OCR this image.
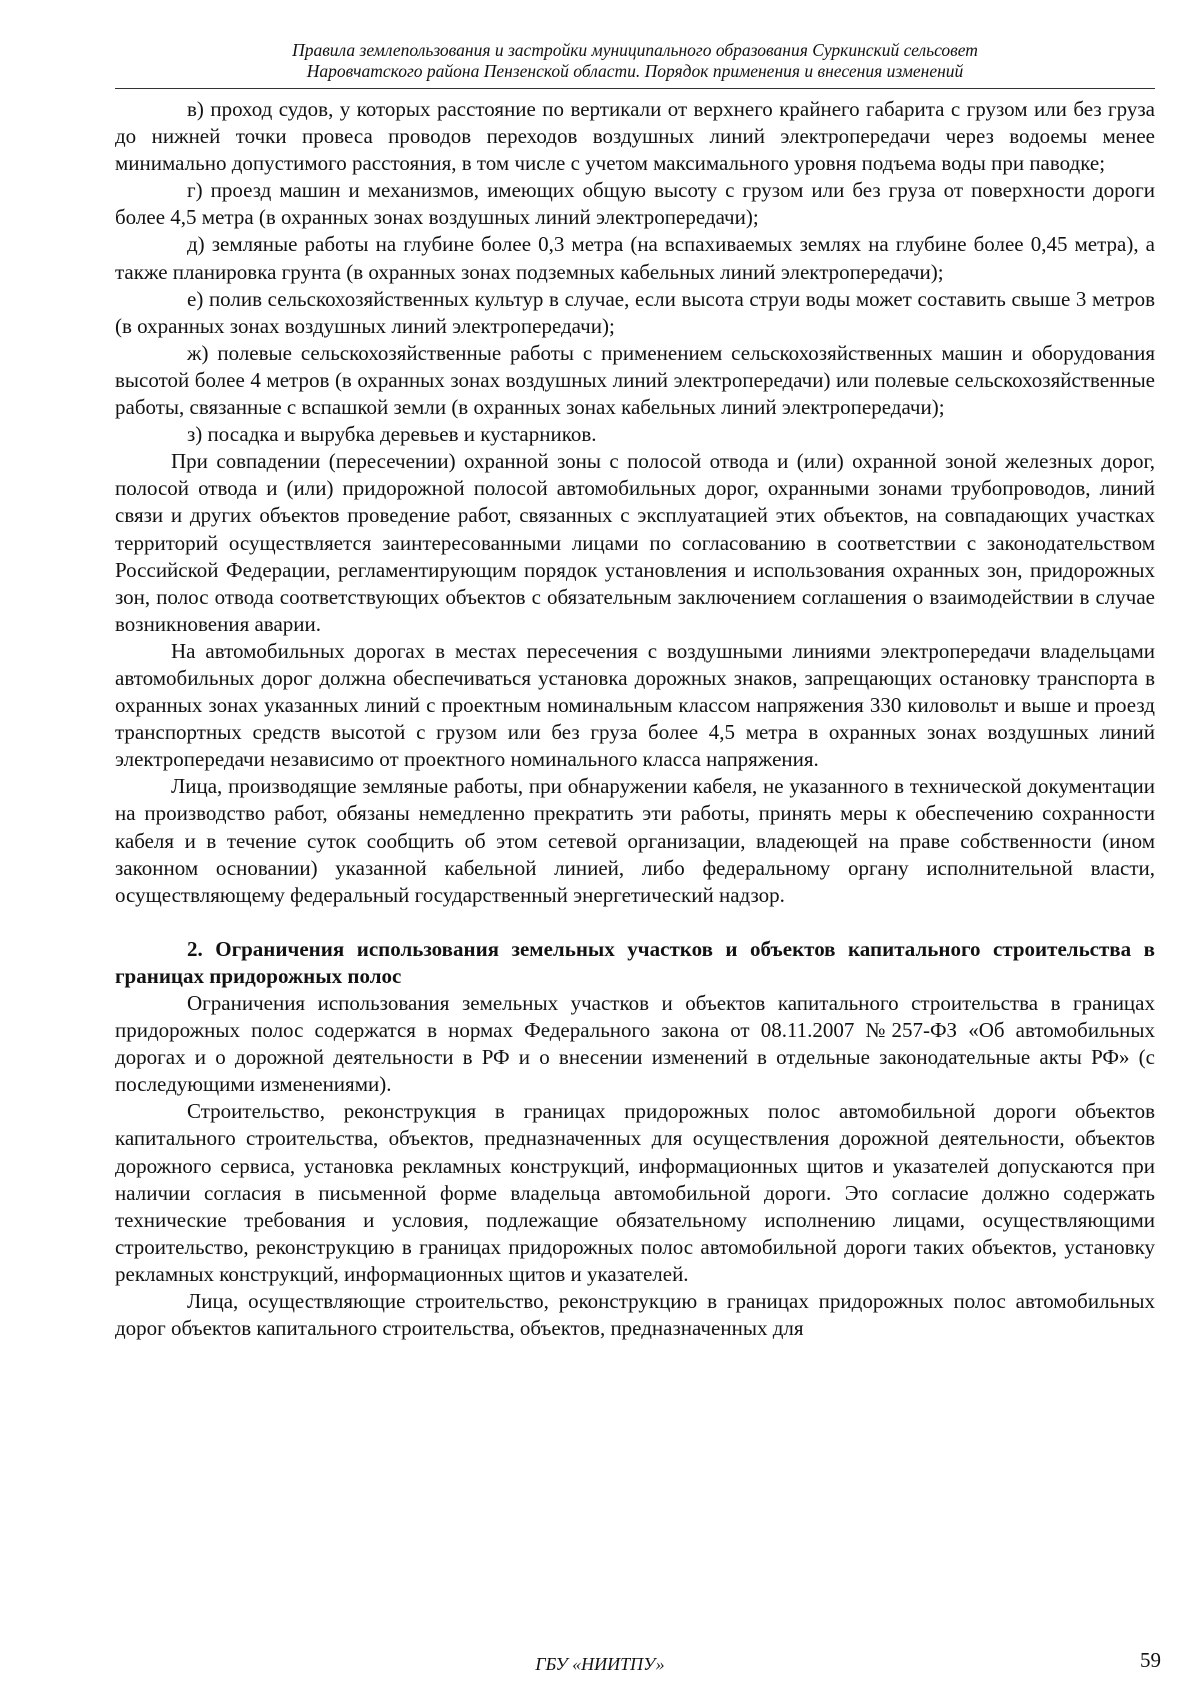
Правила землепользования и застройки муниципального образования Суркинский сельсовет
Наровчатского района Пензенской области. Порядок применения и внесения изменений

в) проход судов, у которых расстояние по вертикали от верхнего крайнего габарита с грузом или без груза до нижней точки провеса проводов переходов воздушных линий электропередачи через водоемы менее минимально допустимого расстояния, в том числе с учетом максимального уровня подъема воды при паводке;

г) проезд машин и механизмов, имеющих общую высоту с грузом или без груза от поверхности дороги более 4,5 метра (в охранных зонах воздушных линий электропередачи);

д) земляные работы на глубине более 0,3 метра (на вспахиваемых землях на глубине более 0,45 метра), а также планировка грунта (в охранных зонах подземных кабельных линий электропередачи);

е) полив сельскохозяйственных культур в случае, если высота струи воды может составить свыше 3 метров (в охранных зонах воздушных линий электропередачи);

ж) полевые сельскохозяйственные работы с применением сельскохозяйственных машин и оборудования высотой более 4 метров (в охранных зонах воздушных линий электропередачи) или полевые сельскохозяйственные работы, связанные с вспашкой земли (в охранных зонах кабельных линий электропередачи);

з) посадка и вырубка деревьев и кустарников.

При совпадении (пересечении) охранной зоны с полосой отвода и (или) охранной зоной железных дорог, полосой отвода и (или) придорожной полосой автомобильных дорог, охранными зонами трубопроводов, линий связи и других объектов проведение работ, связанных с эксплуатацией этих объектов, на совпадающих участках территорий осуществляется заинтересованными лицами по согласованию в соответствии с законодательством Российской Федерации, регламентирующим порядок установления и использования охранных зон, придорожных зон, полос отвода соответствующих объектов с обязательным заключением соглашения о взаимодействии в случае возникновения аварии.

На автомобильных дорогах в местах пересечения с воздушными линиями электропередачи владельцами автомобильных дорог должна обеспечиваться установка дорожных знаков, запрещающих остановку транспорта в охранных зонах указанных линий с проектным номинальным классом напряжения 330 киловольт и выше и проезд транспортных средств высотой с грузом или без груза более 4,5 метра в охранных зонах воздушных линий электропередачи независимо от проектного номинального класса напряжения.

Лица, производящие земляные работы, при обнаружении кабеля, не указанного в технической документации на производство работ, обязаны немедленно прекратить эти работы, принять меры к обеспечению сохранности кабеля и в течение суток сообщить об этом сетевой организации, владеющей на праве собственности (ином законном основании) указанной кабельной линией, либо федеральному органу исполнительной власти, осуществляющему федеральный государственный энергетический надзор.

2. Ограничения использования земельных участков и объектов капитального строительства в границах придорожных полос

Ограничения использования земельных участков и объектов капитального строительства в границах придорожных полос содержатся в нормах Федерального закона от 08.11.2007 №257-ФЗ «Об автомобильных дорогах и о дорожной деятельности в РФ и о внесении изменений в отдельные законодательные акты РФ» (с последующими изменениями).

Строительство, реконструкция в границах придорожных полос автомобильной дороги объектов капитального строительства, объектов, предназначенных для осуществления дорожной деятельности, объектов дорожного сервиса, установка рекламных конструкций, информационных щитов и указателей допускаются при наличии согласия в письменной форме владельца автомобильной дороги. Это согласие должно содержать технические требования и условия, подлежащие обязательному исполнению лицами, осуществляющими строительство, реконструкцию в границах придорожных полос автомобильной дороги таких объектов, установку рекламных конструкций, информационных щитов и указателей.

Лица, осуществляющие строительство, реконструкцию в границах придорожных полос автомобильных дорог объектов капитального строительства, объектов, предназначенных для

ГБУ «НИИТПУ»	59
